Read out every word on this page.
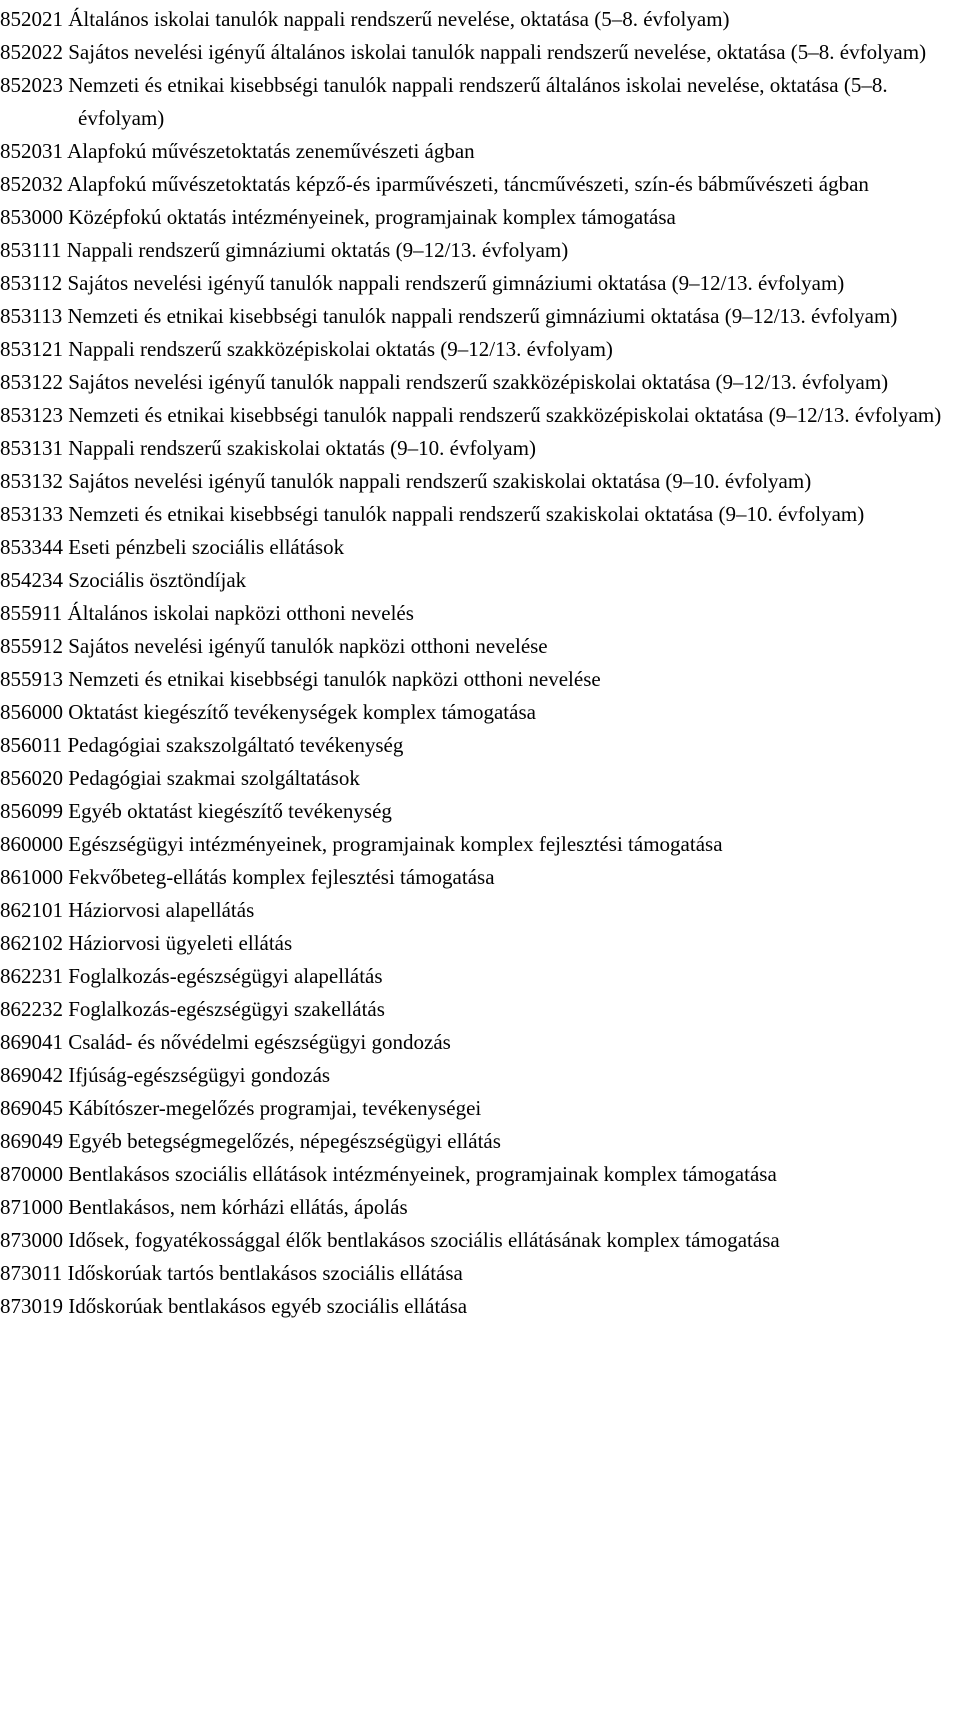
852021 Általános iskolai tanulók nappali rendszerű nevelése, oktatása (5–8. évfolyam)

852022 Sajátos nevelési igényű általános iskolai tanulók nappali rendszerű nevelése, oktatása (5–8. évfolyam)

852023 Nemzeti és etnikai kisebbségi tanulók nappali rendszerű általános iskolai nevelése, oktatása (5–8. évfolyam)

852031 Alapfokú művészetoktatás zeneművészeti ágban

852032 Alapfokú művészetoktatás képző-és iparművészeti, táncművészeti, szín-és bábművészeti ágban

853000 Középfokú oktatás intézményeinek, programjainak komplex támogatása

853111 Nappali rendszerű gimnáziumi oktatás (9–12/13. évfolyam)

853112 Sajátos nevelési igényű tanulók nappali rendszerű gimnáziumi oktatása (9–12/13. évfolyam)

853113 Nemzeti és etnikai kisebbségi tanulók nappali rendszerű gimnáziumi oktatása (9–12/13. évfolyam)

853121 Nappali rendszerű szakközépiskolai oktatás (9–12/13. évfolyam)

853122 Sajátos nevelési igényű tanulók nappali rendszerű szakközépiskolai oktatása (9–12/13. évfolyam)

853123 Nemzeti és etnikai kisebbségi tanulók nappali rendszerű szakközépiskolai oktatása (9–12/13. évfolyam)

853131 Nappali rendszerű szakiskolai oktatás (9–10. évfolyam)

853132 Sajátos nevelési igényű tanulók nappali rendszerű szakiskolai oktatása (9–10. évfolyam)

853133 Nemzeti és etnikai kisebbségi tanulók nappali rendszerű szakiskolai oktatása (9–10. évfolyam)

853344 Eseti pénzbeli szociális ellátások

854234 Szociális ösztöndíjak

855911 Általános iskolai napközi otthoni nevelés

855912 Sajátos nevelési igényű tanulók napközi otthoni nevelése

855913 Nemzeti és etnikai kisebbségi tanulók napközi otthoni nevelése

856000 Oktatást kiegészítő tevékenységek komplex támogatása

856011 Pedagógiai szakszolgáltató tevékenység

856020 Pedagógiai szakmai szolgáltatások

856099 Egyéb oktatást kiegészítő tevékenység

860000 Egészségügyi intézményeinek, programjainak komplex fejlesztési támogatása

861000 Fekvőbeteg-ellátás komplex fejlesztési támogatása

862101 Háziorvosi alapellátás

862102 Háziorvosi ügyeleti ellátás

862231 Foglalkozás-egészségügyi alapellátás

862232 Foglalkozás-egészségügyi szakellátás

869041 Család- és nővédelmi egészségügyi gondozás

869042 Ifjúság-egészségügyi gondozás

869045 Kábítószer-megelőzés programjai, tevékenységei

869049 Egyéb betegségmegelőzés, népegészségügyi ellátás

870000 Bentlakásos szociális ellátások intézményeinek, programjainak komplex támogatása

871000 Bentlakásos, nem kórházi ellátás, ápolás

873000 Idősek, fogyatékossággal élők bentlakásos szociális ellátásának komplex támogatása

873011 Időskorúak tartós bentlakásos szociális ellátása

873019 Időskorúak bentlakásos egyéb szociális ellátása
